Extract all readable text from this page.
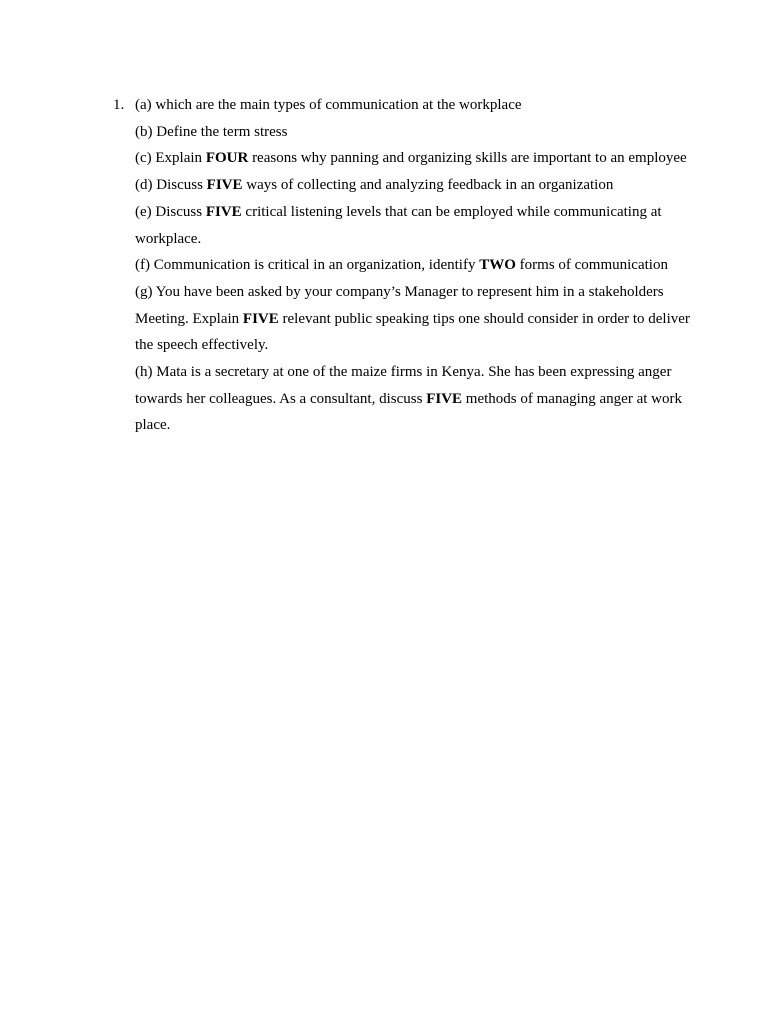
1. (a) which are the main types of communication at the workplace

(b) Define the term stress

(c) Explain FOUR reasons why panning and organizing skills are important to an employee

(d) Discuss FIVE ways of collecting and analyzing feedback in an organization

(e) Discuss FIVE critical listening levels that can be employed while communicating at workplace.

(f) Communication is critical in an organization, identify TWO forms of communication

(g) You have been asked by your company’s Manager to represent him in a stakeholders Meeting. Explain FIVE relevant public speaking tips one should consider in order to deliver the speech effectively.

(h) Mata is a secretary at one of the maize firms in Kenya. She has been expressing anger towards her colleagues. As a consultant, discuss FIVE methods of managing anger at work place.
